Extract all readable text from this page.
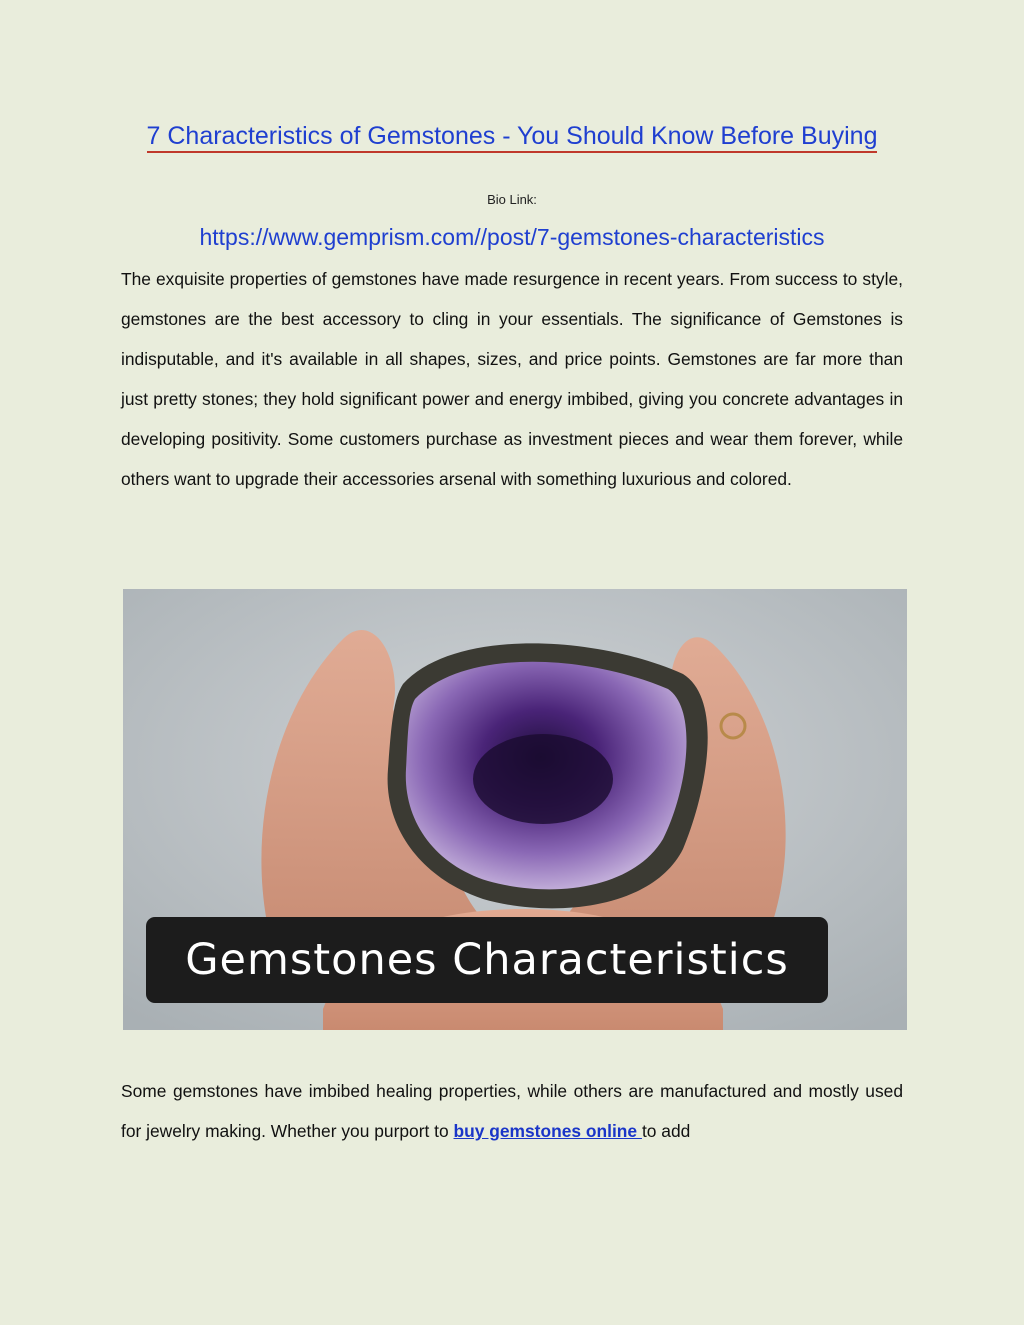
7 Characteristics of Gemstones - You Should Know Before Buying
Bio Link:
https://www.gemprism.com//post/7-gemstones-characteristics

The exquisite properties of gemstones have made resurgence in recent years. From success to style, gemstones are the best accessory to cling in your essentials. The significance of Gemstones is indisputable, and it's available in all shapes, sizes, and price points. Gemstones are far more than just pretty stones; they hold significant power and energy imbibed, giving you concrete advantages in developing positivity. Some customers purchase as investment pieces and wear them forever, while others want to upgrade their accessories arsenal with something luxurious and colored.

Gemstones Characteristics

Some gemstones have imbibed healing properties, while others are manufactured and mostly used for jewelry making. Whether you purport to buy gemstones online to add
